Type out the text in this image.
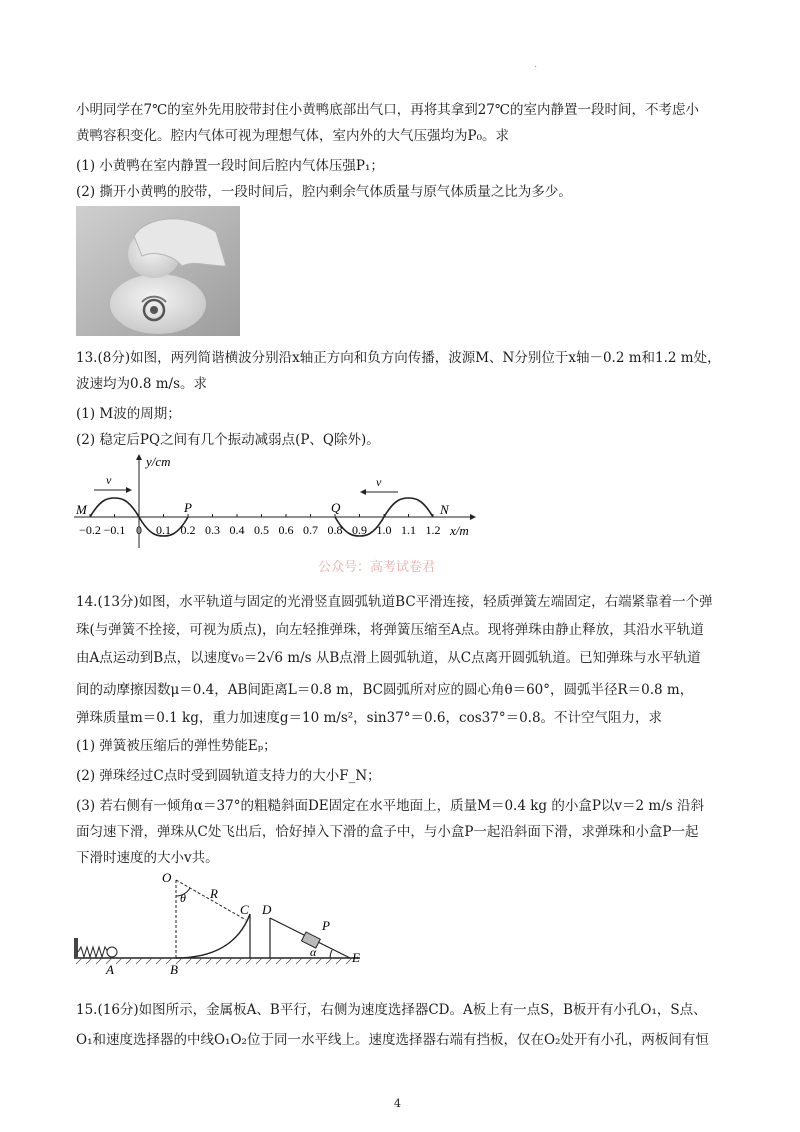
·
小明同学在7℃的室外先用胶带封住小黄鸭底部出气口，再将其拿到27℃的室内静置一段时间，不考虑小
黄鸭容积变化。腔内气体可视为理想气体，室内外的大气压强均为P₀。求
(1) 小黄鸭在室内静置一段时间后腔内气体压强P₁；
(2) 撕开小黄鸭的胶带，一段时间后，腔内剩余气体质量与原气体质量之比为多少。
13.(8分)如图，两列简谐横波分别沿x轴正方向和负方向传播，波源M、N分别位于x轴－0.2 m和1.2 m处，
波速均为0.8 m/s。求
(1) M波的周期；
(2) 稳定后PQ之间有几个振动减弱点(P、Q除外)。
y/cm
x/m
v	v
M	N
P	Q
−0.2 −0.1 0 0.1 0.2 0.3 0.4 0.5 0.6 0.7 0.8 0.9 1.0 1.1 1.2
公众号：高考试卷君
14.(13分)如图，水平轨道与固定的光滑竖直圆弧轨道BC平滑连接，轻质弹簧左端固定，右端紧靠着一个弹
珠(与弹簧不拴接，可视为质点)，向左轻推弹珠，将弹簧压缩至A点。现将弹珠由静止释放，其沿水平轨道
由A点运动到B点，以速度v₀＝2√6 m/s 从B点滑上圆弧轨道，从C点离开圆弧轨道。已知弹珠与水平轨道
间的动摩擦因数μ＝0.4，AB间距离L＝0.8 m，BC圆弧所对应的圆心角θ＝60°，圆弧半径R＝0.8 m，
弹珠质量m＝0.1 kg，重力加速度g＝10 m/s²，sin37°＝0.6，cos37°＝0.8。不计空气阻力，求
(1) 弹簧被压缩后的弹性势能Eₚ；
(2) 弹珠经过C点时受到圆轨道支持力的大小F_N；
(3) 若右侧有一倾角α＝37°的粗糙斜面DE固定在水平地面上，质量M＝0.4 kg 的小盒P以v＝2 m/s 沿斜
面匀速下滑，弹珠从C处飞出后，恰好掉入下滑的盒子中，与小盒P一起沿斜面下滑，求弹珠和小盒P一起
下滑时速度的大小v共。
O
R
θ
C D
P
α
A	B
E
15.(16分)如图所示，金属板A、B平行，右侧为速度选择器CD。A板上有一点S，B板开有小孔O₁，S点、
O₁和速度选择器的中线O₁O₂位于同一水平线上。速度选择器右端有挡板，仅在O₂处开有小孔，两板间有恒
4
